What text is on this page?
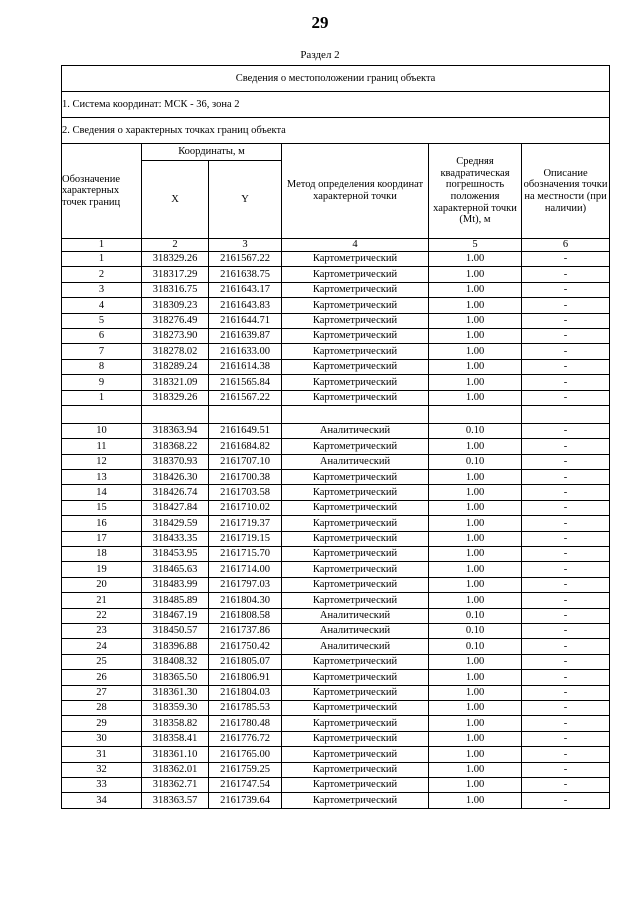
29
Раздел 2
Сведения о местоположении границ объекта					
1. Система координат: МСК - 36, зона 2					
2. Сведения о характерных точках границ объекта					
Обозначение характерных точек границ	Координаты, м		Метод определения координат характерной точки	Средняя квадратическая погрешность положения характерной точки (Mt), м	Описание обозначения точки на местности (при наличии)
	X	Y			
1	2	3	4	5	6
1	318329.26	2161567.22	Картометрический	1.00	-
2	318317.29	2161638.75	Картометрический	1.00	-
3	318316.75	2161643.17	Картометрический	1.00	-
4	318309.23	2161643.83	Картометрический	1.00	-
5	318276.49	2161644.71	Картометрический	1.00	-
6	318273.90	2161639.87	Картометрический	1.00	-
7	318278.02	2161633.00	Картометрический	1.00	-
8	318289.24	2161614.38	Картометрический	1.00	-
9	318321.09	2161565.84	Картометрический	1.00	-
1	318329.26	2161567.22	Картометрический	1.00	-

10	318363.94	2161649.51	Аналитический	0.10	-
11	318368.22	2161684.82	Картометрический	1.00	-
12	318370.93	2161707.10	Аналитический	0.10	-
13	318426.30	2161700.38	Картометрический	1.00	-
14	318426.74	2161703.58	Картометрический	1.00	-
15	318427.84	2161710.02	Картометрический	1.00	-
16	318429.59	2161719.37	Картометрический	1.00	-
17	318433.35	2161719.15	Картометрический	1.00	-
18	318453.95	2161715.70	Картометрический	1.00	-
19	318465.63	2161714.00	Картометрический	1.00	-
20	318483.99	2161797.03	Картометрический	1.00	-
21	318485.89	2161804.30	Картометрический	1.00	-
22	318467.19	2161808.58	Аналитический	0.10	-
23	318450.57	2161737.86	Аналитический	0.10	-
24	318396.88	2161750.42	Аналитический	0.10	-
25	318408.32	2161805.07	Картометрический	1.00	-
26	318365.50	2161806.91	Картометрический	1.00	-
27	318361.30	2161804.03	Картометрический	1.00	-
28	318359.30	2161785.53	Картометрический	1.00	-
29	318358.82	2161780.48	Картометрический	1.00	-
30	318358.41	2161776.72	Картометрический	1.00	-
31	318361.10	2161765.00	Картометрический	1.00	-
32	318362.01	2161759.25	Картометрический	1.00	-
33	318362.71	2161747.54	Картометрический	1.00	-
34	318363.57	2161739.64	Картометрический	1.00	-
